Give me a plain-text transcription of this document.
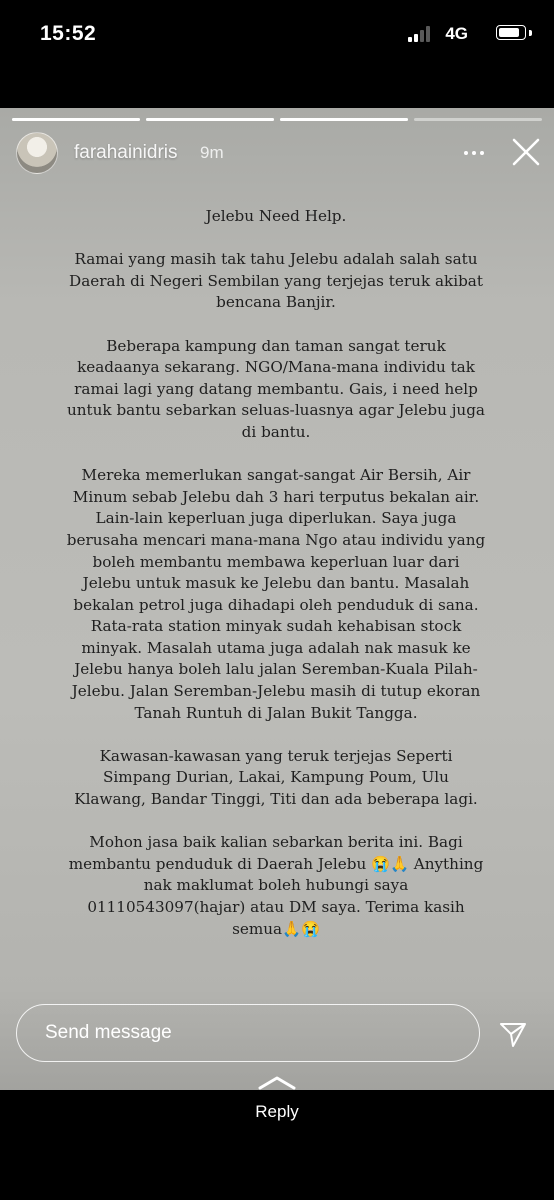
15:52	4G
farahainidris 9m

Jelebu Need Help.

Ramai yang masih tak tahu Jelebu adalah salah satu Daerah di Negeri Sembilan yang terjejas teruk akibat bencana Banjir.

Beberapa kampung dan taman sangat teruk keadaanya sekarang. NGO/Mana-mana individu tak ramai lagi yang datang membantu. Gais, i need help untuk bantu sebarkan seluas-luasnya agar Jelebu juga di bantu.

Mereka memerlukan sangat-sangat Air Bersih, Air Minum sebab Jelebu dah 3 hari terputus bekalan air. Lain-lain keperluan juga diperlukan. Saya juga berusaha mencari mana-mana Ngo atau individu yang boleh membantu membawa keperluan luar dari Jelebu untuk masuk ke Jelebu dan bantu. Masalah bekalan petrol juga dihadapi oleh penduduk di sana. Rata-rata station minyak sudah kehabisan stock minyak. Masalah utama juga adalah nak masuk ke Jelebu hanya boleh lalu jalan Seremban-Kuala Pilah-Jelebu. Jalan Seremban-Jelebu masih di tutup ekoran Tanah Runtuh di Jalan Bukit Tangga.

Kawasan-kawasan yang teruk terjejas Seperti Simpang Durian, Lakai, Kampung Poum, Ulu Klawang, Bandar Tinggi, Titi dan ada beberapa lagi.

Mohon jasa baik kalian sebarkan berita ini. Bagi membantu penduduk di Daerah Jelebu 😭🙏 Anything nak maklumat boleh hubungi saya 01110543097(hajar) atau DM saya. Terima kasih semua🙏😭

Send message
Reply
